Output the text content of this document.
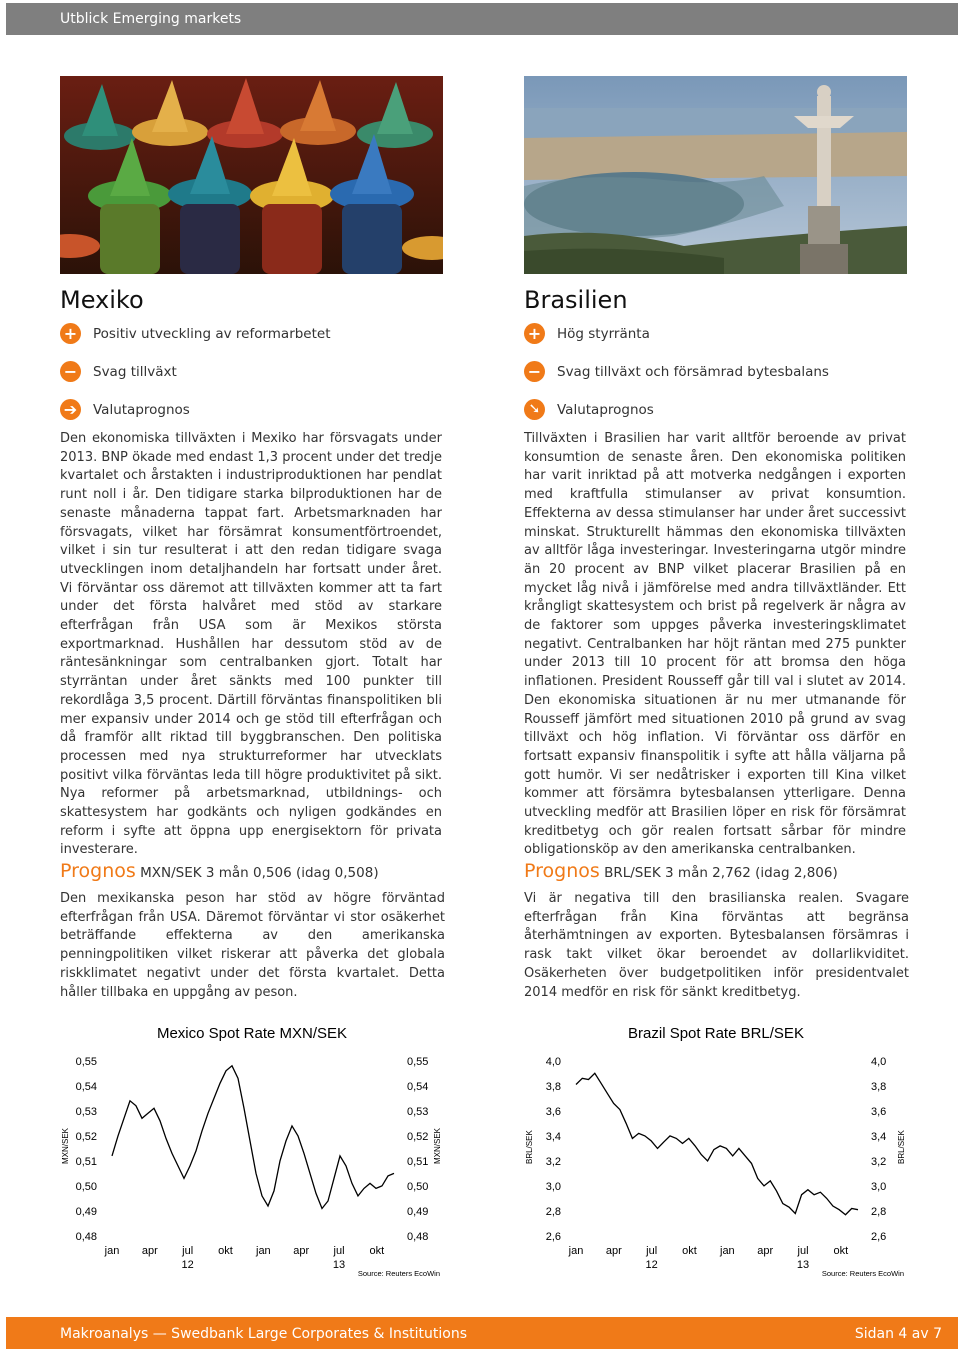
Utblick Emerging markets
Mexiko
+ Positiv utveckling av reformarbetet
− Svag tillväxt
➔ Valutaprognos
Den ekonomiska tillväxten i Mexiko har försvagats under 2013. BNP ökade med endast 1,3 procent under det tredje kvartalet och årstakten i industriproduktionen har pendlat runt noll i år. Den tidigare starka bilproduktionen har de senaste månaderna tappat fart. Arbetsmarknaden har försvagats, vilket har försämrat konsumentförtroendet, vilket i sin tur resulterat i att den redan tidigare svaga utvecklingen inom detaljhandeln har fortsatt under året. Vi förväntar oss däremot att tillväxten kommer att ta fart under det första halvåret med stöd av starkare efterfrågan från USA som är Mexikos största exportmarknad. Hushållen har dessutom stöd av de räntesänkningar som centralbanken gjort. Totalt har styrräntan under året sänkts med 100 punkter till rekordlåga 3,5 procent. Därtill förväntas finanspolitiken bli mer expansiv under 2014 och ge stöd till efterfrågan och då framför allt riktad till byggbranschen. Den politiska processen med nya strukturreformer har utvecklats positivt vilka förväntas leda till högre produktivitet på sikt. Nya reformer på arbetsmarknad, utbildnings- och skattesystem har godkänts och nyligen godkändes en reform i syfte att öppna upp energisektorn för privata investerare.
Brasilien
+ Hög styrränta
− Svag tillväxt och försämrad bytesbalans
➘	Valutaprognos
Tillväxten i Brasilien har varit alltför beroende av privat konsumtion de senaste åren. Den ekonomiska politiken har varit inriktad på att motverka nedgången i exporten med kraftfulla stimulanser av privat konsumtion. Effekterna av dessa stimulanser har under året successivt minskat. Strukturellt hämmas den ekonomiska tillväxten av alltför låga investeringar. Investeringarna utgör mindre än 20 procent av BNP vilket placerar Brasilien på en mycket låg nivå i jämförelse med andra tillväxtländer. Ett krångligt skattesystem och brist på regelverk är några av de faktorer som uppges påverka investeringsklimatet negativt. Centralbanken har höjt räntan med 275 punkter under 2013 till 10 procent för att bromsa den höga inflationen. President Rousseff går till val i slutet av 2014. Den ekonomiska situationen är nu mer utmanande för Rousseff jämfört med situationen 2010 på grund av svag tillväxt och hög inflation. Vi förväntar oss därför en fortsatt expansiv finanspolitik i syfte att hålla väljarna på gott humör. Vi ser nedåtrisker i exporten till Kina vilket kommer att försämra bytesbalansen ytterligare. Denna utveckling medför att Brasilien löper en risk för försämrat kreditbetyg och gör realen fortsatt sårbar för mindre obligationsköp av den amerikanska centralbanken.
Prognos MXN/SEK 3 mån 0,506 (idag 0,508)
Den mexikanska peson har stöd av högre förväntad efterfrågan från USA. Däremot förväntar vi stor osäkerhet beträffande effekterna av den amerikanska penningpolitiken vilket riskerar att påverka det globala riskklimatet negativt under det första kvartalet. Detta håller tillbaka en uppgång av peson.
Prognos BRL/SEK 3 mån 2,762 (idag 2,806)
Vi är negativa till den brasilianska realen. Svagare efterfrågan från Kina förväntas att begränsa återhämtningen av exporten. Bytesbalansen försämras i rask takt vilket ökar beroendet av dollarlikviditet. Osäkerheten över budgetpolitiken inför presidentvalet 2014 medför en risk för sänkt kreditbetyg.
Mexico Spot Rate MXN/SEK
0,48	0,48
0,49	0,49
0,50	0,50
0,51	0,51
0,52	0,52
0,53	0,53
0,54	0,54
0,55	0,55
MXN/SEK	MXN/SEK
jan apr jul okt jan apr jul okt
12	13
Source: Reuters EcoWin
Brazil Spot Rate BRL/SEK
2,6	2,6
2,8	2,8
3,0	3,0
3,2	3,2
3,4	3,4
3,6	3,6
3,8	3,8
4,0	4,0
BRL/SEK	BRL/SEK
jan apr jul okt jan apr jul okt
12	13
Source: Reuters EcoWin
Makroanalys — Swedbank Large Corporates & Institutions	Sidan 4 av 7
